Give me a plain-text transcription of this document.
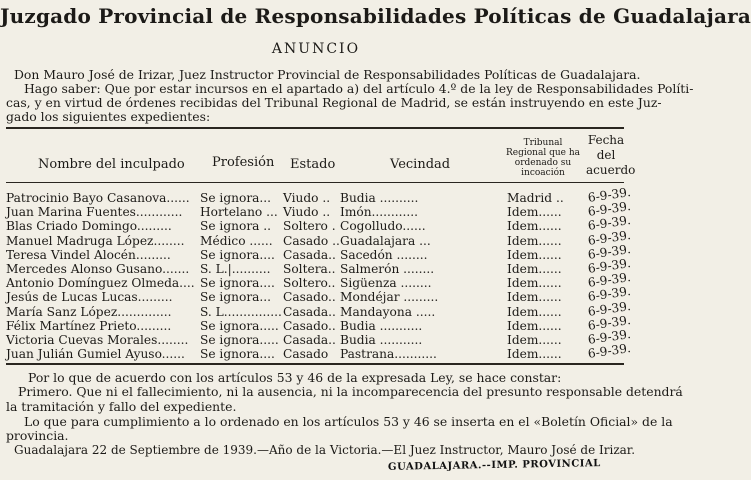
Juzgado Provincial de Responsabilidades Políticas de Guadalajara
ANUNCIO
Don Mauro José de Irizar, Juez Instructor Provincial de Responsabilidades Políticas de Guadalajara.
Hago saber: Que por estar incursos en el apartado a) del artículo 4.º de la ley de Responsabilidades Políti-
cas, y en virtud de órdenes recibidas del Tribunal Regional de Madrid, se están instruyendo en este Juz-
gado los siguientes expedientes:
Nombre del inculpado Profesión Estado	Vecindad
Tribunal Regional que ha ordenado su incoación
Fecha del acuerdo
Patrocinio Bayo Casanova...... Se ignora... Viudo .. Budia ..........	Madrid .. 6-9-39.
Juan Marina Fuentes............ Hortelano ... Viudo .. Imón............	Idem...... 6-9-39.
Blas Criado Domingo......... Se ignora .. Soltero . Cogolludo......	Idem...... 6-9-39.
Manuel Madruga López........ Médico ...... Casado .. Guadalajara ...	Idem...... 6-9-39.
Teresa Vindel Alocén......... Se ignora.... Casada.. Sacedón ........	Idem...... 6-9-39.
Mercedes Alonso Gusano....... S. L.|.......... Soltera.. Salmerón ........	Idem...... 6-9-39.
Antonio Domínguez Olmeda.... Se ignora.... Soltero.. Sigüenza ........	Idem...... 6-9-39.
Jesús de Lucas Lucas......... Se ignora... Casado.. Mondéjar .........	Idem...... 6-9-39.
María Sanz López.............. S. L............... Casada.. Mandayona .....	Idem...... 6-9-39.
Félix Martínez Prieto......... Se ignora..... Casado.. Budia ...........	Idem...... 6-9-39.
Victoria Cuevas Morales........ Se ignora..... Casada.. Budia ...........	Idem...... 6-9-39.
Juan Julián Gumiel Ayuso...... Se ignora.... Casado Pastrana...........	Idem...... 6-9-39.
Por lo que de acuerdo con los artículos 53 y 46 de la expresada Ley, se hace constar:
Primero. Que ni el fallecimiento, ni la ausencia, ni la incomparecencia del presunto responsable detendrá
la tramitación y fallo del expediente.
Lo que para cumplimiento a lo ordenado en los artículos 53 y 46 se inserta en el «Boletín Oficial» de la
provincia.
Guadalajara 22 de Septiembre de 1939.—Año de la Victoria.—El Juez Instructor, Mauro José de Irizar.
GUADALAJARA.--IMP. PROVINCIAL
